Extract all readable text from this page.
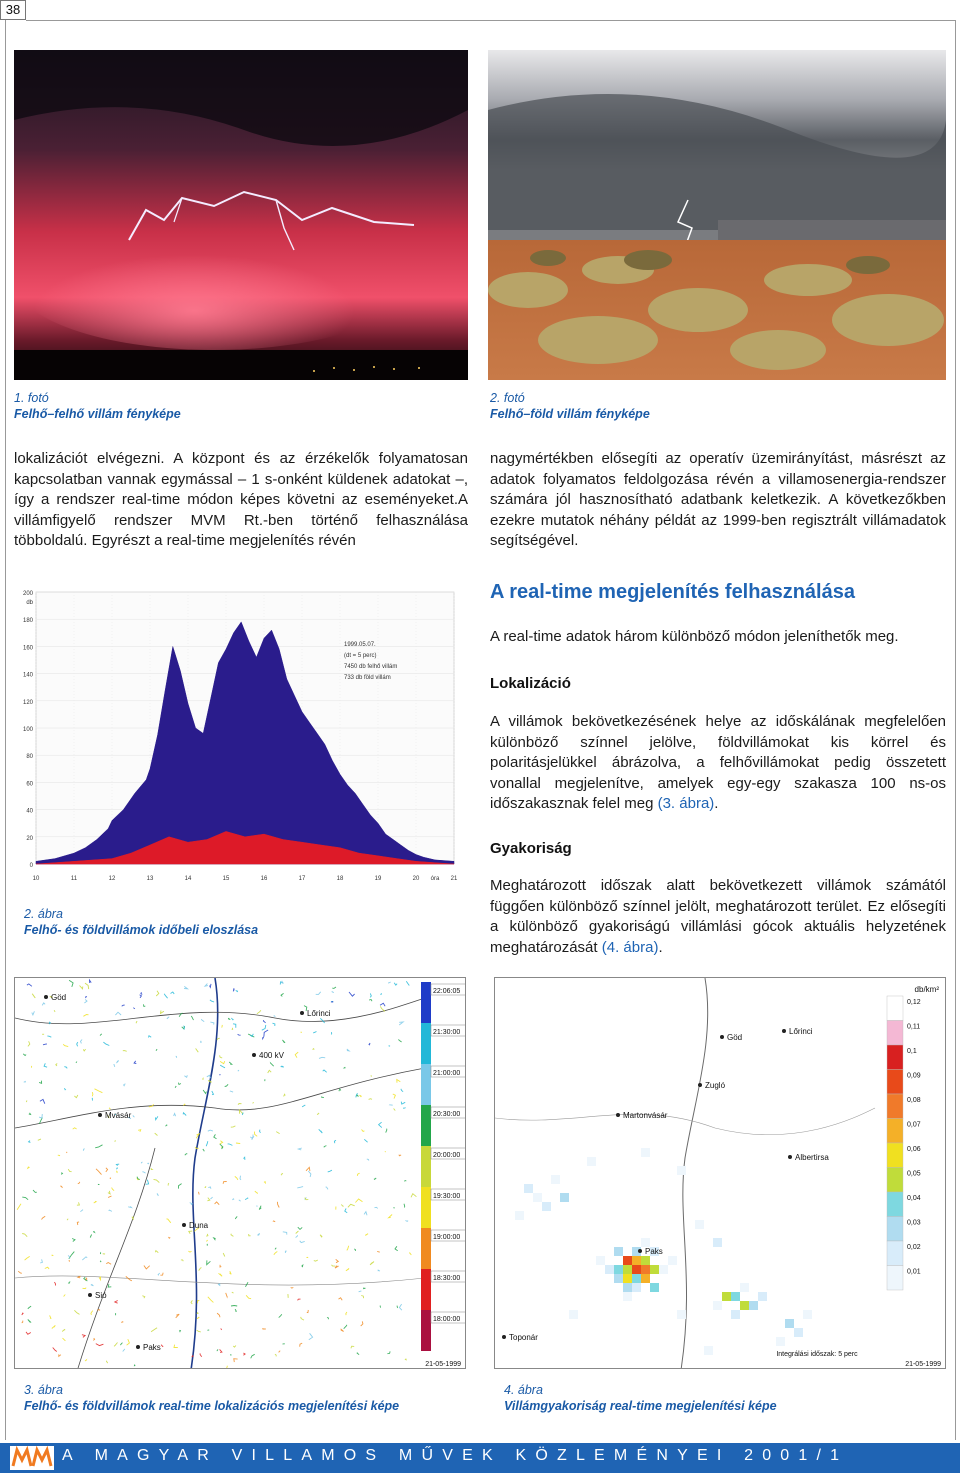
38
1. fotó
Felhő–felhő villám fényképe
2. fotó
Felhő–föld villám fényképe
lokalizációt elvégezni. A központ és az érzékelők folyamatosan kapcsolatban vannak egymással – 1 s-onként küldenek adatokat –, így a rendszer real-time módon képes követni az eseményeket.A villámfigyelő rendszer MVM Rt.-ben történő felhasználása többoldalú. Egyrészt a real-time megjelenítés révén
nagymértékben elősegíti az operatív üzemirányítást, másrészt az adatok folyamatos feldolgozása révén a villamosenergia-rendszer számára jól hasznosítható adatbank keletkezik. A következőkben ezekre mutatok néhány példát az 1999-ben regisztrált villámadatok segítségével.
A real-time megjelenítés felhasználása
A real-time adatok három különböző módon jeleníthetők meg.
Lokalizáció
A villámok bekövetkezésének helye az időskálának megfelelően különböző színnel jelölve, földvillámokat kis körrel és polaritásjelükkel ábrázolva, a felhővillámokat pedig összetett vonallal megjelenítve, amelyek egy-egy szakasza 100 ns-os időszakasznak felel meg (3. ábra).
Gyakoriság
Meghatározott időszak alatt bekövetkezett villámok számától függően különböző színnel jelölt, meghatározott terület. Ez elősegíti a különböző gyakoriságú villámlási gócok aktuális helyzetének meghatározását (4. ábra).
200
180
160
140
120
100
80
60
40
20
0
db
10	11	12	13	14	15	16	17	18	19	20 óra 21
1999.05.07.
(dt = 5 perc)
7450 db felhő villám
733 db föld villám
2. ábra
Felhő- és földvillámok időbeli eloszlása
Göd
Lőrinci
400 kV
Mvásár
Duna
Sió
Paks
22:06:05
21:30:00
21:00:00
20:30:00
20:00:00
19:30:00
19:00:00
18:30:00
18:00:00
21-05-1999
3. ábra
Felhő- és földvillámok real-time lokalizációs megjelenítési képe
Göd
Lőrinci
Zugló
Martonvásár
Albertirsa
Paks
Toponár
db/km²
0,12
0,11
0,1
0,09
0,08
0,07
0,06
0,05
0,04
0,03
0,02
0,01
Integrálási időszak: 5 perc
21-05-1999
4. ábra
Villámgyakoriság real-time megjelenítési képe
A MAGYAR VILLAMOS MŰVEK KÖZLEMÉNYEI 2001/1
